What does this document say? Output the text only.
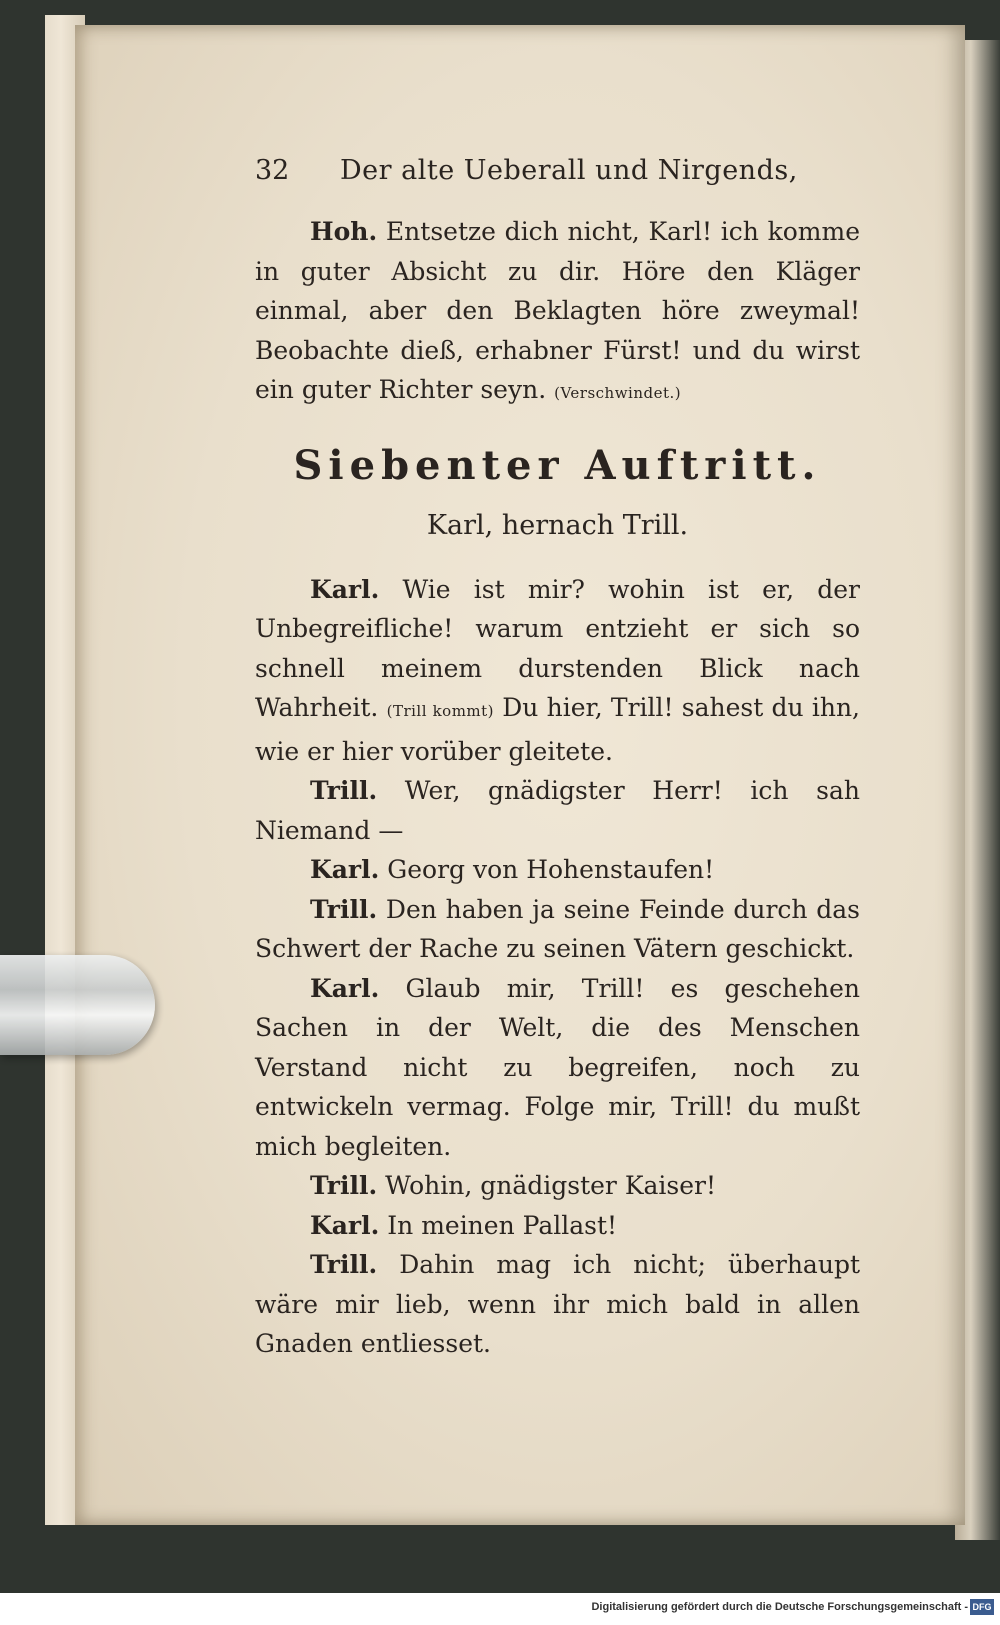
32 Der alte Ueberall und Nirgends,

Hoh. Entsetze dich nicht, Karl! ich komme in guter Absicht zu dir. Höre den Kläger einmal, aber den Beklagten höre zweymal! Beobachte dieß, erhabner Fürst! und du wirst ein guter Richter seyn. (Verschwindet.)

Siebenter Auftritt.

Karl, hernach Trill.

Karl. Wie ist mir? wohin ist er, der Unbegreifliche! warum entzieht er sich so schnell meinem durstenden Blick nach Wahrheit. (Trill kommt) Du hier, Trill! sahest du ihn, wie er hier vorüber gleitete.

Trill. Wer, gnädigster Herr! ich sah Niemand —

Karl. Georg von Hohenstaufen!

Trill. Den haben ja seine Feinde durch das Schwert der Rache zu seinen Vätern geschickt.

Karl. Glaub mir, Trill! es geschehen Sachen in der Welt, die des Menschen Verstand nicht zu begreifen, noch zu entwickeln vermag. Folge mir, Trill! du mußt mich begleiten.

Trill. Wohin, gnädigster Kaiser!

Karl. In meinen Pallast!

Trill. Dahin mag ich nicht; überhaupt wäre mir lieb, wenn ihr mich bald in allen Gnaden entliesset.

Digitalisierung gefördert durch die Deutsche Forschungsgemeinschaft - DFG
